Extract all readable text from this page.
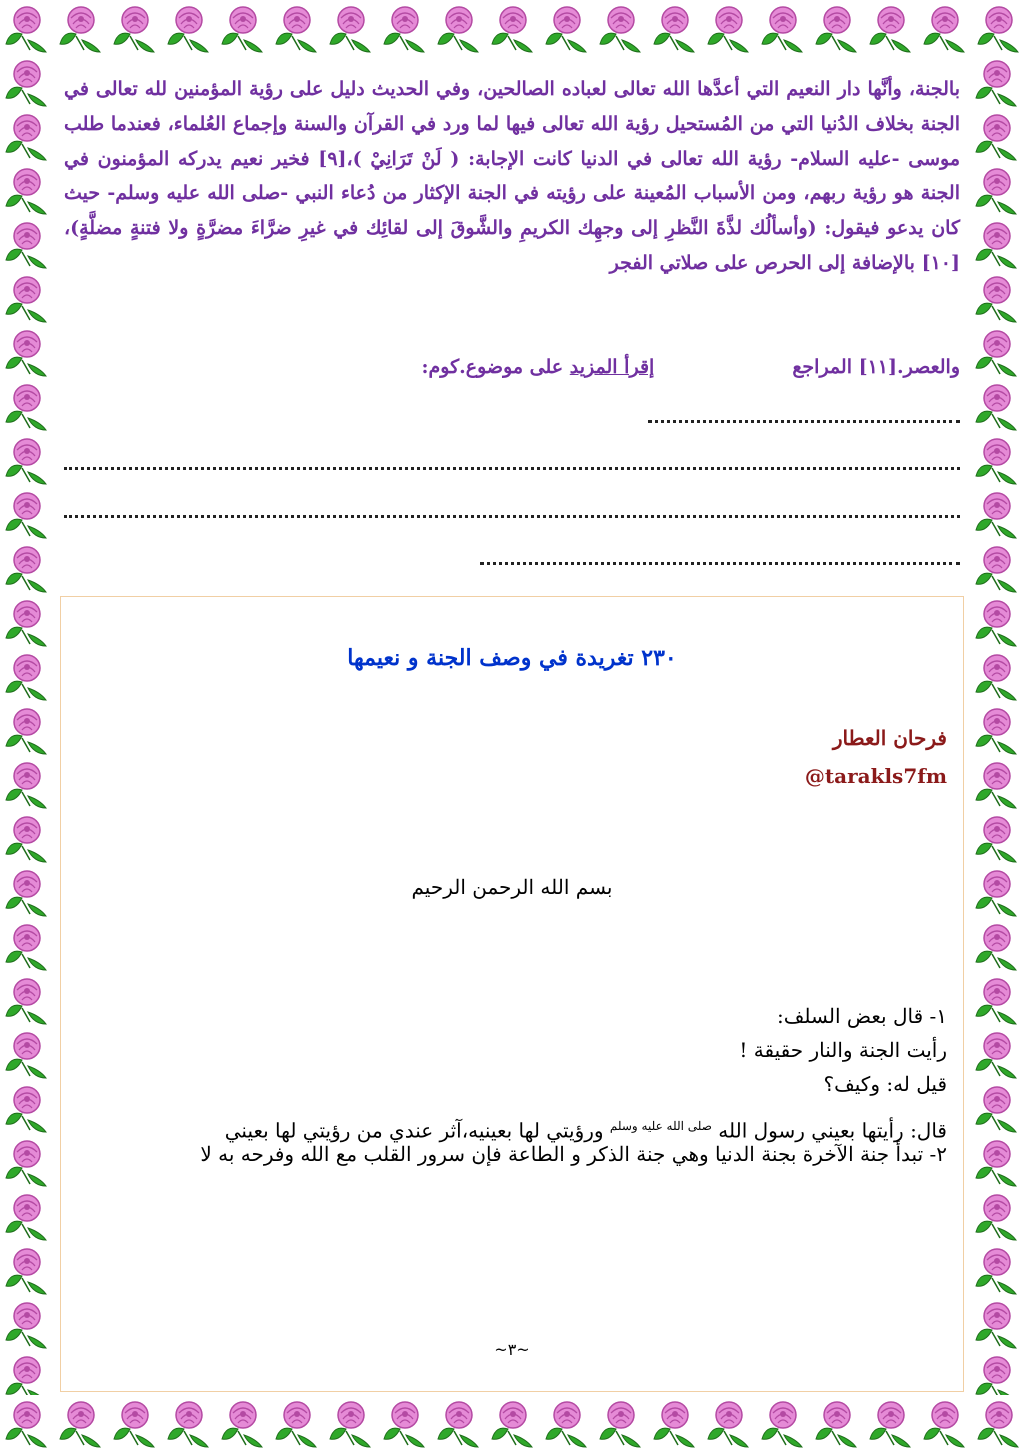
بالجنة، وأنَّها دار النعيم التي أعدَّها الله تعالى لعباده الصالحين، وفي الحديث دليل على رؤية المؤمنين لله تعالى في الجنة بخلاف الدُنيا التي من المُستحيل رؤية الله تعالى فيها لما ورد في القرآن والسنة وإجماع العُلماء، فعندما طلب موسى -عليه السلام- رؤية الله تعالى في الدنيا كانت الإجابة: ( لَنْ تَرَانِيْ )،[٩] فخير نعيم يدركه المؤمنون في الجنة هو رؤية ربهم، ومن الأسباب المُعينة على رؤيته في الجنة الإكثار من دُعاء النبي -صلى الله عليه وسلم- حيث كان يدعو فيقول: (وأسألُك لذَّةَ النَّظرِ إلى وجهِك الكريمِ والشَّوقَ إلى لقائِك في غيرِ ضرَّاءَ مضرَّةٍ ولا فتنةٍ مضلَّةٍ)،[١٠] بالإضافة إلى الحرص على صلاتي الفجر
والعصر.[١١] المراجعإقرأ المزيد على موضوع.كوم:
٢٣٠ تغريدة في وصف الجنة و نعيمها
فرحان العطار
@tarakls7fm
بسم الله الرحمن الرحيم
١- قال بعض السلف:
رأيت الجنة والنار حقيقة !
قيل له: وكيف؟
قال: رأيتها بعيني رسول الله $^{صلى الله عليه وسلم}$ ورؤيتي لها بعينيه،آثر عندي من رؤيتي لها بعيني
٢- تبدأ جنة الآخرة بجنة الدنيا وهي جنة الذكر و الطاعة فإن سرور القلب مع الله وفرحه به لا
~٣~
